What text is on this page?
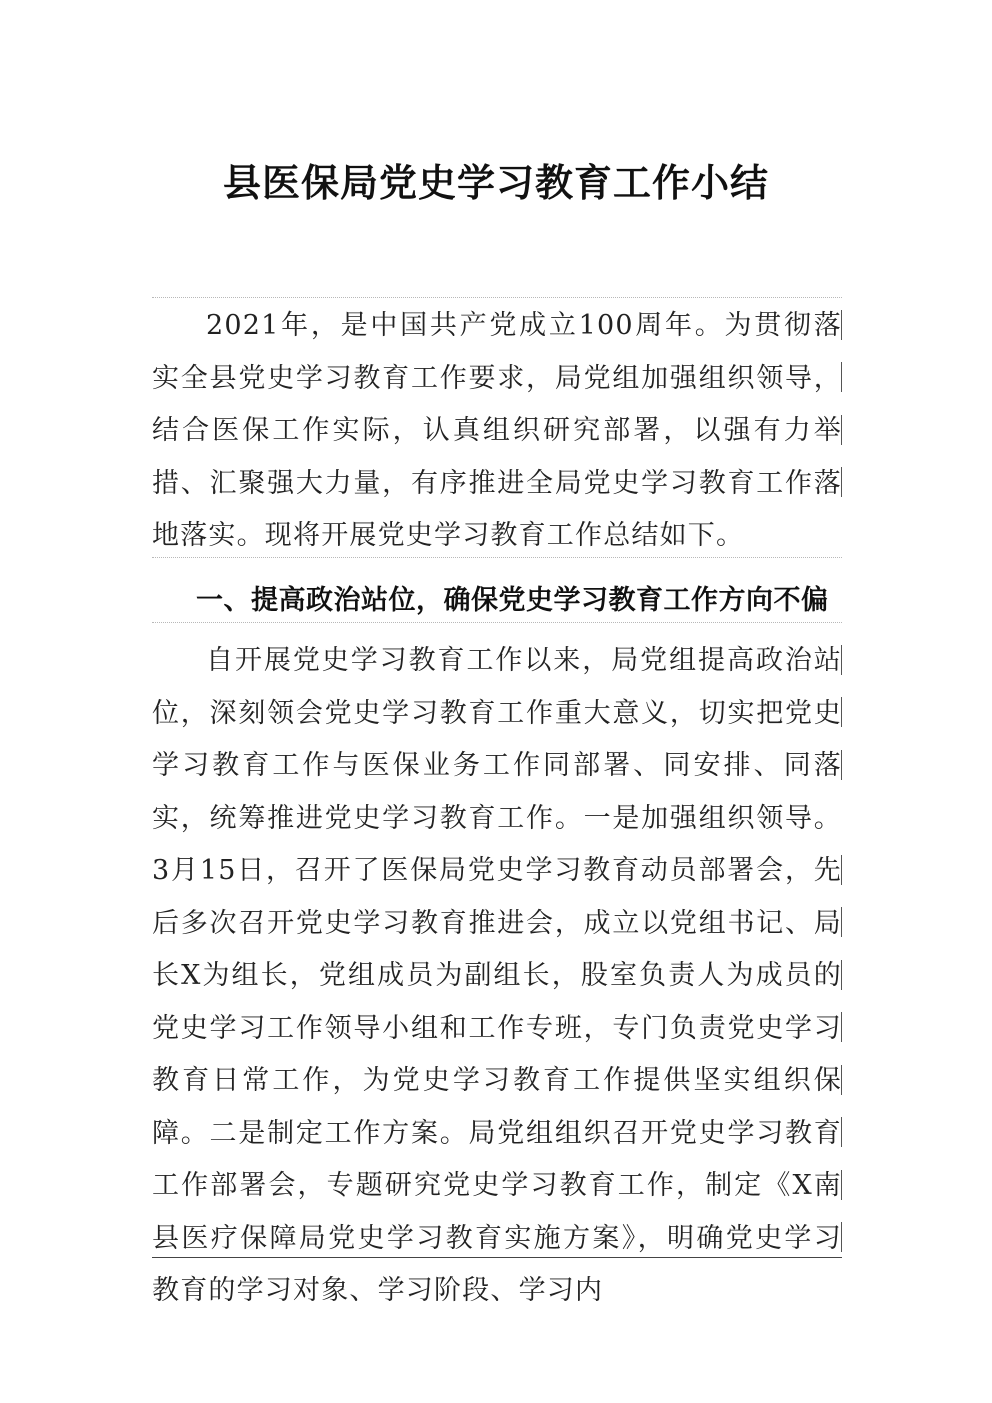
县医保局党史学习教育工作小结

2021年，是中国共产党成立100周年。为贯彻落实全县党史学习教育工作要求，局党组加强组织领导，结合医保工作实际，认真组织研究部署，以强有力举措、汇聚强大力量，有序推进全局党史学习教育工作落地落实。现将开展党史学习教育工作总结如下。

一、提高政治站位，确保党史学习教育工作方向不偏

自开展党史学习教育工作以来，局党组提高政治站位，深刻领会党史学习教育工作重大意义，切实把党史学习教育工作与医保业务工作同部署、同安排、同落实，统筹推进党史学习教育工作。一是加强组织领导。3月15日，召开了医保局党史学习教育动员部署会，先后多次召开党史学习教育推进会，成立以党组书记、局长X为组长，党组成员为副组长，股室负责人为成员的党史学习工作领导小组和工作专班，专门负责党史学习教育日常工作，为党史学习教育工作提供坚实组织保障。二是制定工作方案。局党组组织召开党史学习教育工作部署会，专题研究党史学习教育工作，制定《X南县医疗保障局党史学习教育实施方案》，明确党史学习教育的学习对象、学习阶段、学习内
